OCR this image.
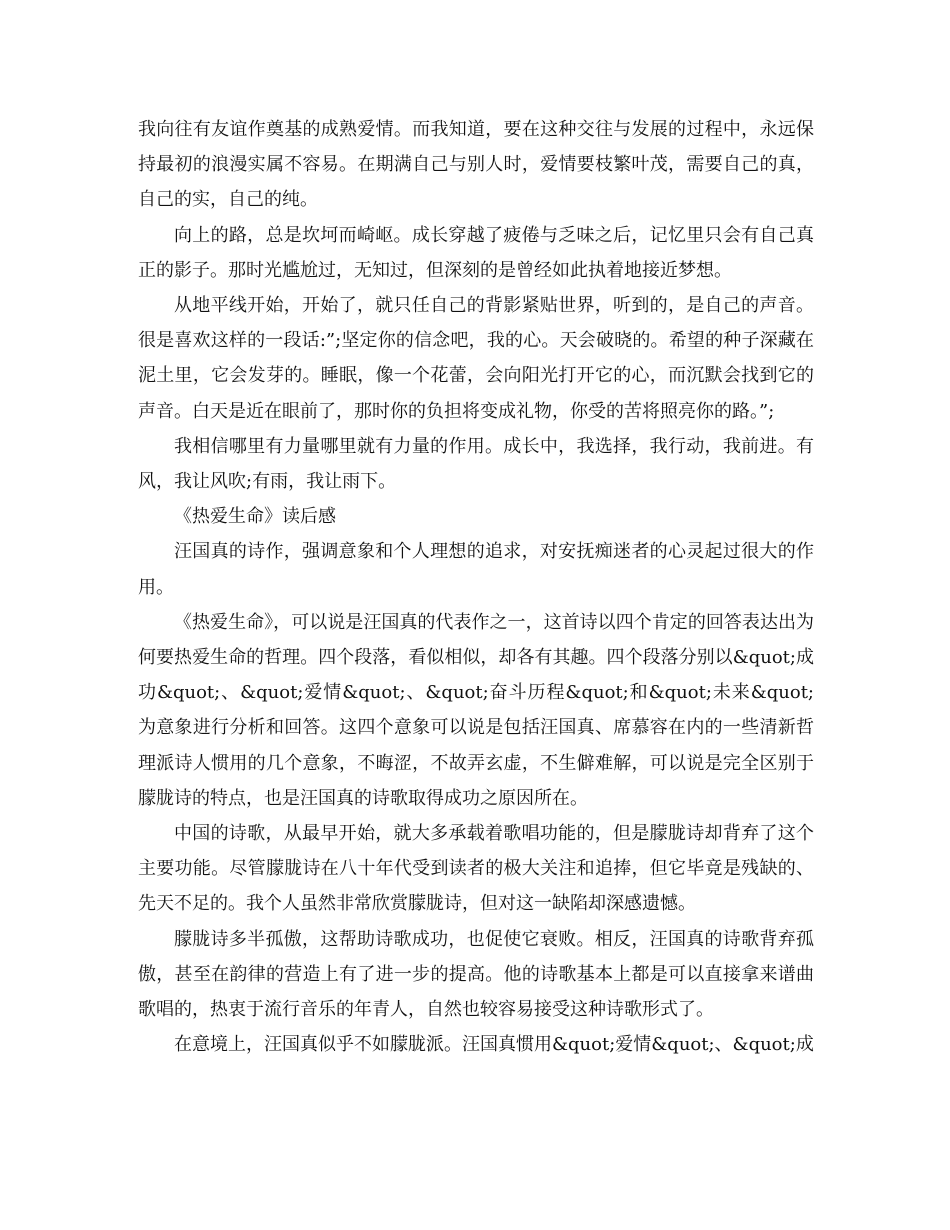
我向往有友谊作奠基的成熟爱情。而我知道，要在这种交往与发展的过程中，永远保持最初的浪漫实属不容易。在期满自己与别人时，爱情要枝繁叶茂，需要自己的真，自己的实，自己的纯。

向上的路，总是坎坷而崎岖。成长穿越了疲倦与乏味之后，记忆里只会有自己真正的影子。那时光尴尬过，无知过，但深刻的是曾经如此执着地接近梦想。

从地平线开始，开始了，就只任自己的背影紧贴世界，听到的，是自己的声音。很是喜欢这样的一段话:”;坚定你的信念吧，我的心。天会破晓的。希望的种子深藏在泥土里，它会发芽的。睡眠，像一个花蕾，会向阳光打开它的心，而沉默会找到它的声音。白天是近在眼前了，那时你的负担将变成礼物，你受的苦将照亮你的路。”;

我相信哪里有力量哪里就有力量的作用。成长中，我选择，我行动，我前进。有风，我让风吹;有雨，我让雨下。

《热爱生命》读后感

汪国真的诗作，强调意象和个人理想的追求，对安抚痴迷者的心灵起过很大的作用。

《热爱生命》，可以说是汪国真的代表作之一，这首诗以四个肯定的回答表达出为何要热爱生命的哲理。四个段落，看似相似，却各有其趣。四个段落分别以&quot;成功&quot;、&quot;爱情&quot;、&quot;奋斗历程&quot;和&quot;未来&quot;为意象进行分析和回答。这四个意象可以说是包括汪国真、席慕容在内的一些清新哲理派诗人惯用的几个意象，不晦涩，不故弄玄虚，不生僻难解，可以说是完全区别于朦胧诗的特点，也是汪国真的诗歌取得成功之原因所在。

中国的诗歌，从最早开始，就大多承载着歌唱功能的，但是朦胧诗却背弃了这个主要功能。尽管朦胧诗在八十年代受到读者的极大关注和追捧，但它毕竟是残缺的、先天不足的。我个人虽然非常欣赏朦胧诗，但对这一缺陷却深感遗憾。

朦胧诗多半孤傲，这帮助诗歌成功，也促使它衰败。相反，汪国真的诗歌背弃孤傲，甚至在韵律的营造上有了进一步的提高。他的诗歌基本上都是可以直接拿来谱曲歌唱的，热衷于流行音乐的年青人，自然也较容易接受这种诗歌形式了。

在意境上，汪国真似乎不如朦胧派。汪国真惯用&quot;爱情&quot;、&quot;成
